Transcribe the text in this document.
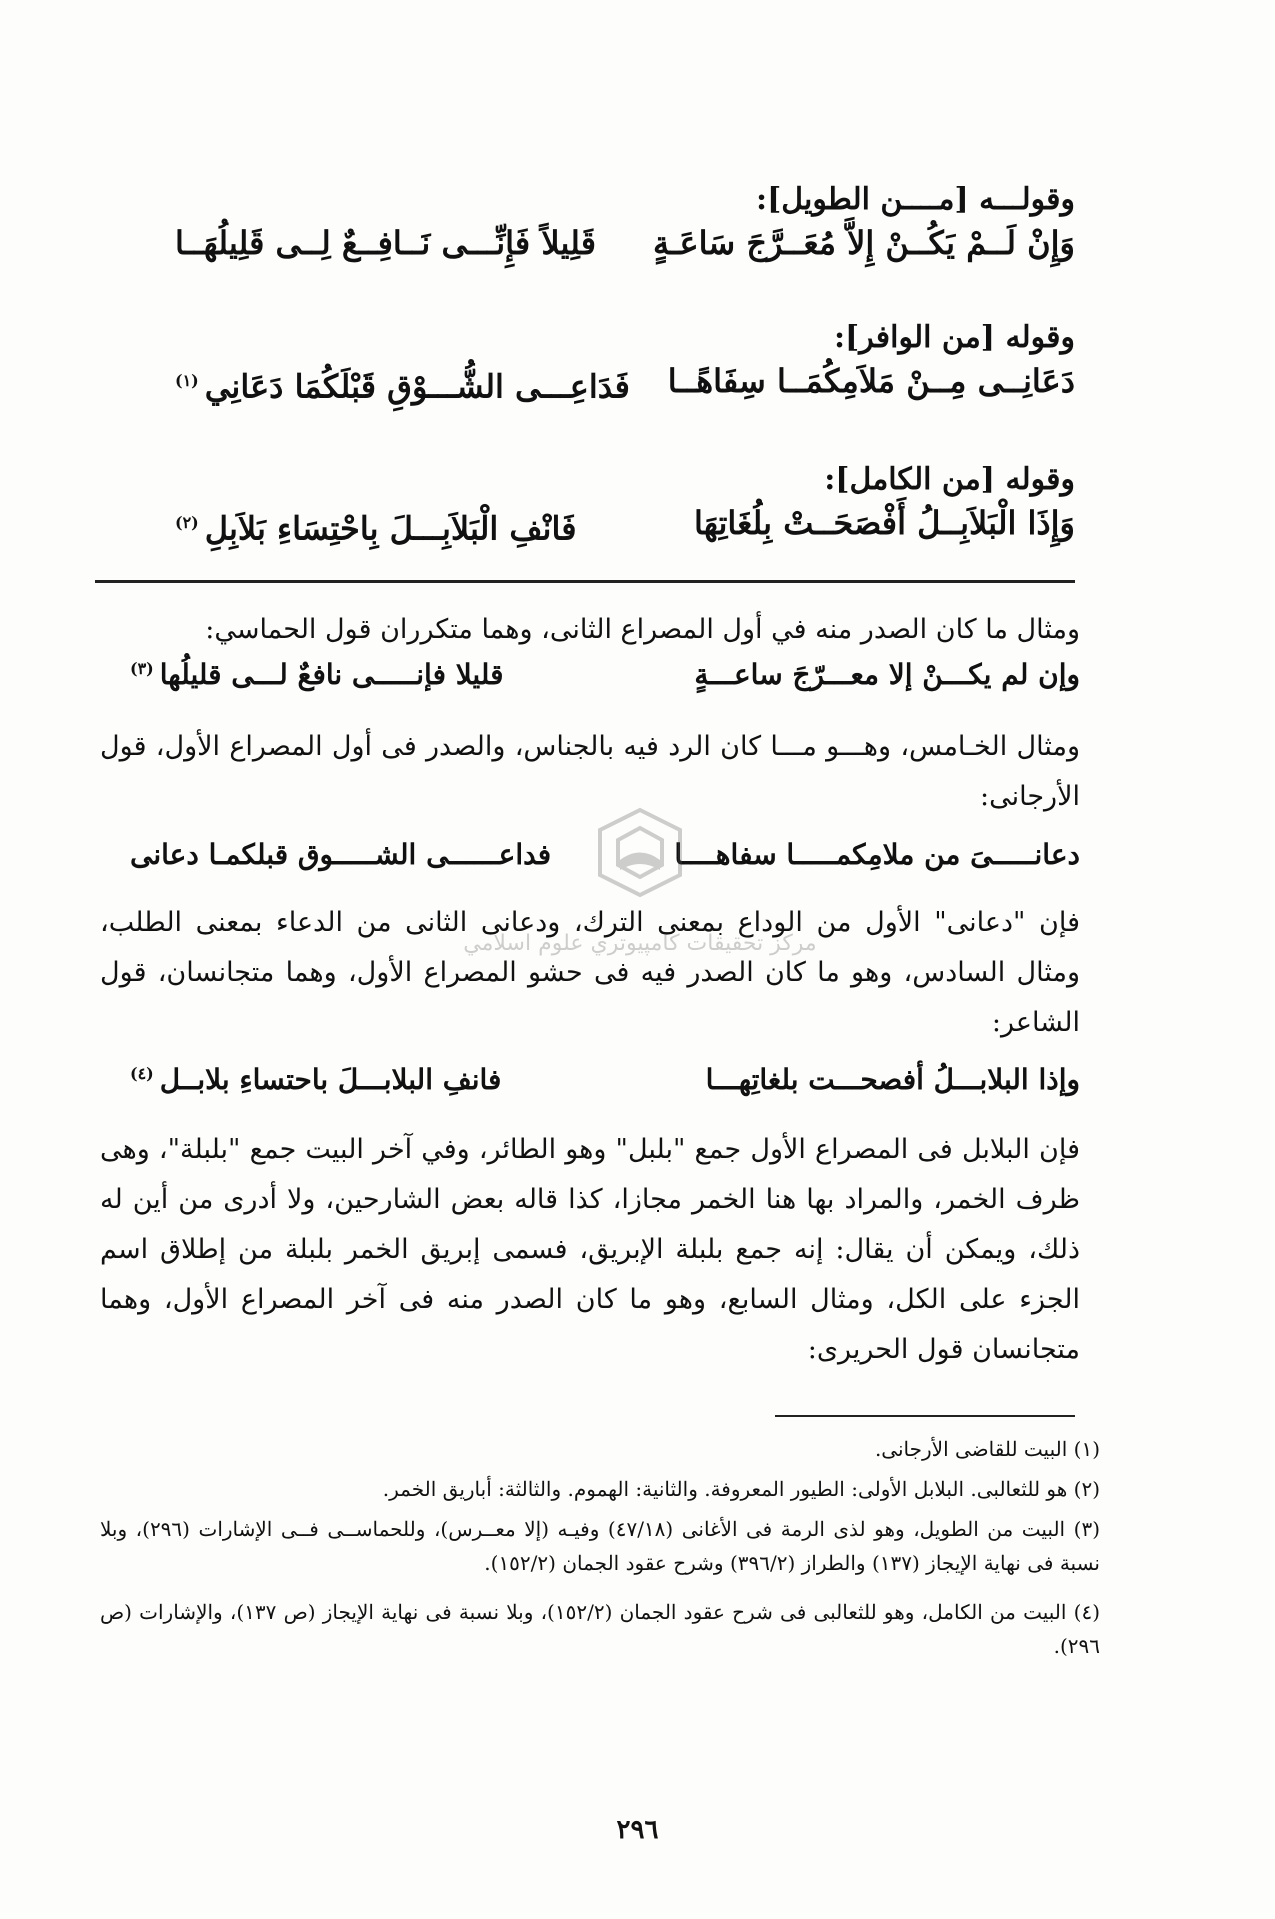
وقولـــه [مــــن الطويل]:
وَإِنْ لَــمْ يَكُــنْ إِلاَّ مُعَــرَّجَ سَاعَـةٍ
قَلِيلاً فَإِنِّـــى نَــافِــعٌ لِــى قَلِيلُهَــا
وقوله [من الوافر]:
دَعَانِــى مِــنْ مَلاَمِكُمَــا سِفَاهًــا
فَدَاعِـــى الشُّـــوْقِ قَبْلَكُمَا دَعَانِي$^{(١)}$
وقوله [من الكامل]:
وَإِذَا الْبَلاَبِــلُ أَفْصَحَــتْ بِلُغَاتِهَا
فَانْفِ الْبَلاَبِـــلَ بِاحْتِسَاءِ بَلاَبِلِ$^{(٢)}$
ومثال ما كان الصدر منه في أول المصراع الثانى، وهما متكرران قول الحماسي:
وإن لم يكـــنْ إلا معـــرّجَ ساعـــةٍ
قليلا فإنـــــى نافعٌ لـــى قليلُها$^{(٣)}$
ومثال الخـامس، وهـــو مـــا كان الرد فيه بالجناس، والصدر فى أول المصراع الأول، قول الأرجانى:
دعانـــــىَ من ملامِكمـــــا سفاهــــا
فداعــــــى الشـــــوق قبلكمـا دعانى
فإن "دعانى" الأول من الوداع بمعنى الترك، ودعانى الثانى من الدعاء بمعنى الطلب، ومثال السادس، وهو ما كان الصدر فيه فى حشو المصراع الأول، وهما متجانسان، قول الشاعر:
وإذا البلابـــلُ أفصحـــت بلغاتِهـــا
فانفِ البلابـــلَ باحتساءِ بلابــل$^{(٤)}$
فإن البلابل فى المصراع الأول جمع "بلبل" وهو الطائر، وفي آخر البيت جمع "بلبلة"، وهى ظرف الخمر، والمراد بها هنا الخمر مجازا، كذا قاله بعض الشارحين، ولا أدرى من أين له ذلك، ويمكن أن يقال: إنه جمع بلبلة الإبريق، فسمى إبريق الخمر بلبلة من إطلاق اسم الجزء على الكل، ومثال السابع، وهو ما كان الصدر منه فى آخر المصراع الأول، وهما متجانسان قول الحريرى:
(١) البيت للقاضى الأرجانى.
(٢) هو للثعالبى. البلابل الأولى: الطيور المعروفة. والثانية: الهموم. والثالثة: أباريق الخمر.
(٣) البيت من الطويل، وهو لذى الرمة فى الأغانى (٤٧/١٨) وفيـه (إلا معــرس)، وللحماســى فــى الإشارات (٢٩٦)، وبلا نسبة فى نهاية الإيجاز (١٣٧) والطراز (٣٩٦/٢) وشرح عقود الجمان (١٥٢/٢).
(٤) البيت من الكامل، وهو للثعالبى فى شرح عقود الجمان (١٥٢/٢)، وبلا نسبة فى نهاية الإيجاز (ص ١٣٧)، والإشارات (ص ٢٩٦).
٢٩٦
مركز تحقيقات كامپيوتري علوم اسلامي
